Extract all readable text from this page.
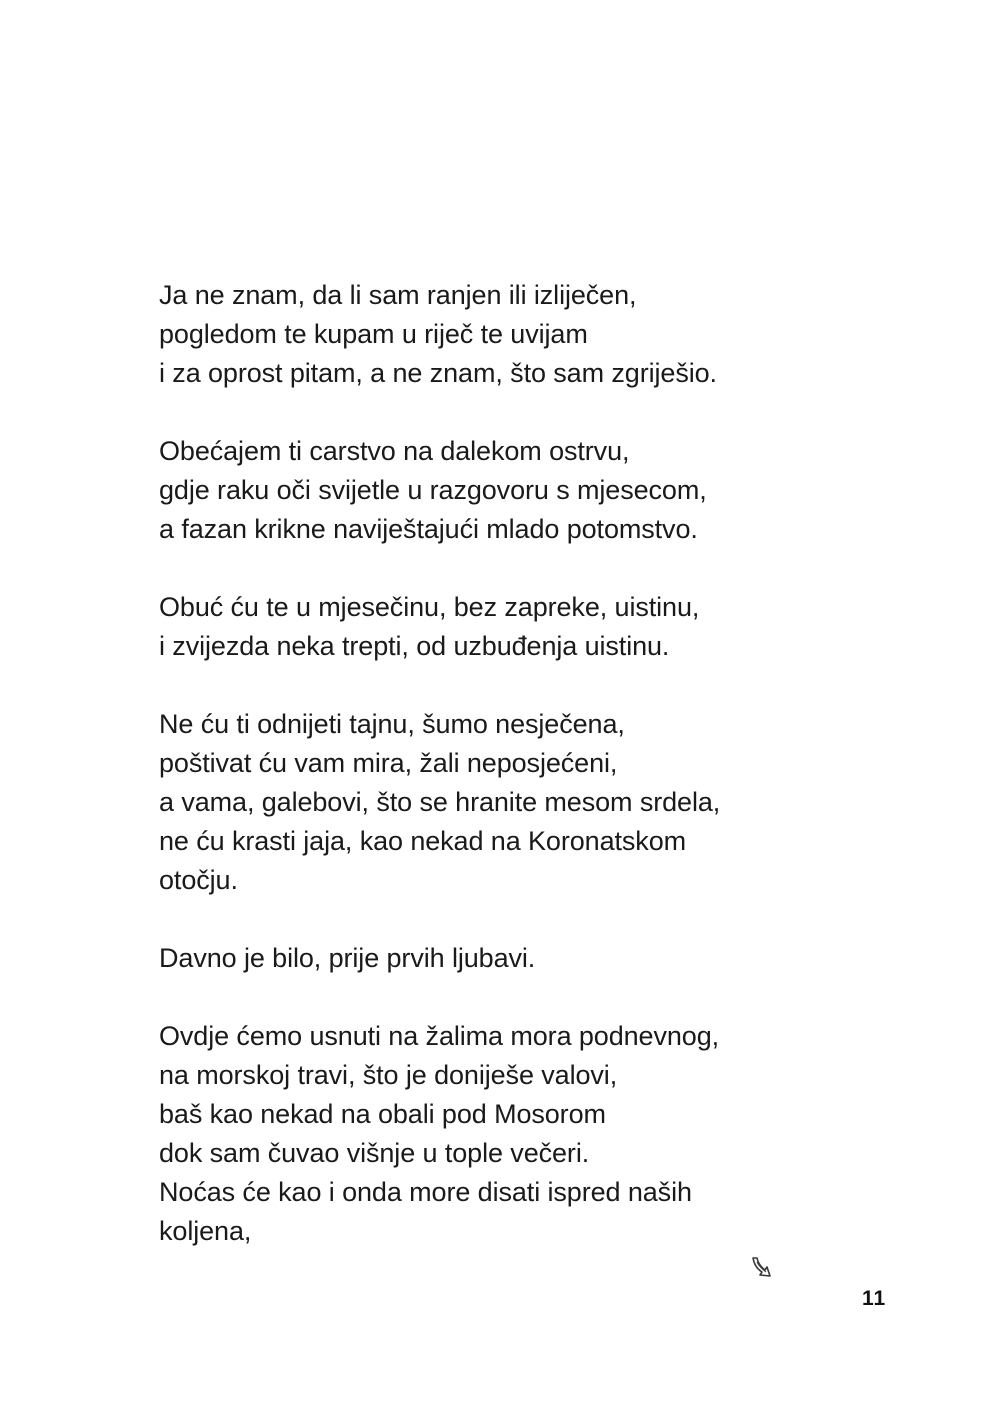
Ja ne znam, da li sam ranjen ili izliječen,
pogledom te kupam u riječ te uvijam
i za oprost pitam, a ne znam, što sam zgriješio.
Obećajem ti carstvo na dalekom ostrvu,
gdje raku oči svijetle u razgovoru s mjesecom,
a fazan krikne naviještajući mlado potomstvo.
Obuć ću te u mjesečinu, bez zapreke, uistinu,
i zvijezda neka trepti, od uzbuđenja uistinu.
Ne ću ti odnijeti tajnu, šumo nesječena,
poštivat ću vam mira, žali neposjećeni,
a vama, galebovi, što se hranite mesom srdela,
ne ću krasti jaja, kao nekad na Koronatskom
otočju.
Davno je bilo, prije prvih ljubavi.
Ovdje ćemo usnuti na žalima mora podnevnog,
na morskoj travi, što je doniješe valovi,
baš kao nekad na obali pod Mosorom
dok sam čuvao višnje u tople večeri.
Noćas će kao i onda more disati ispred naših
koljena,
11
